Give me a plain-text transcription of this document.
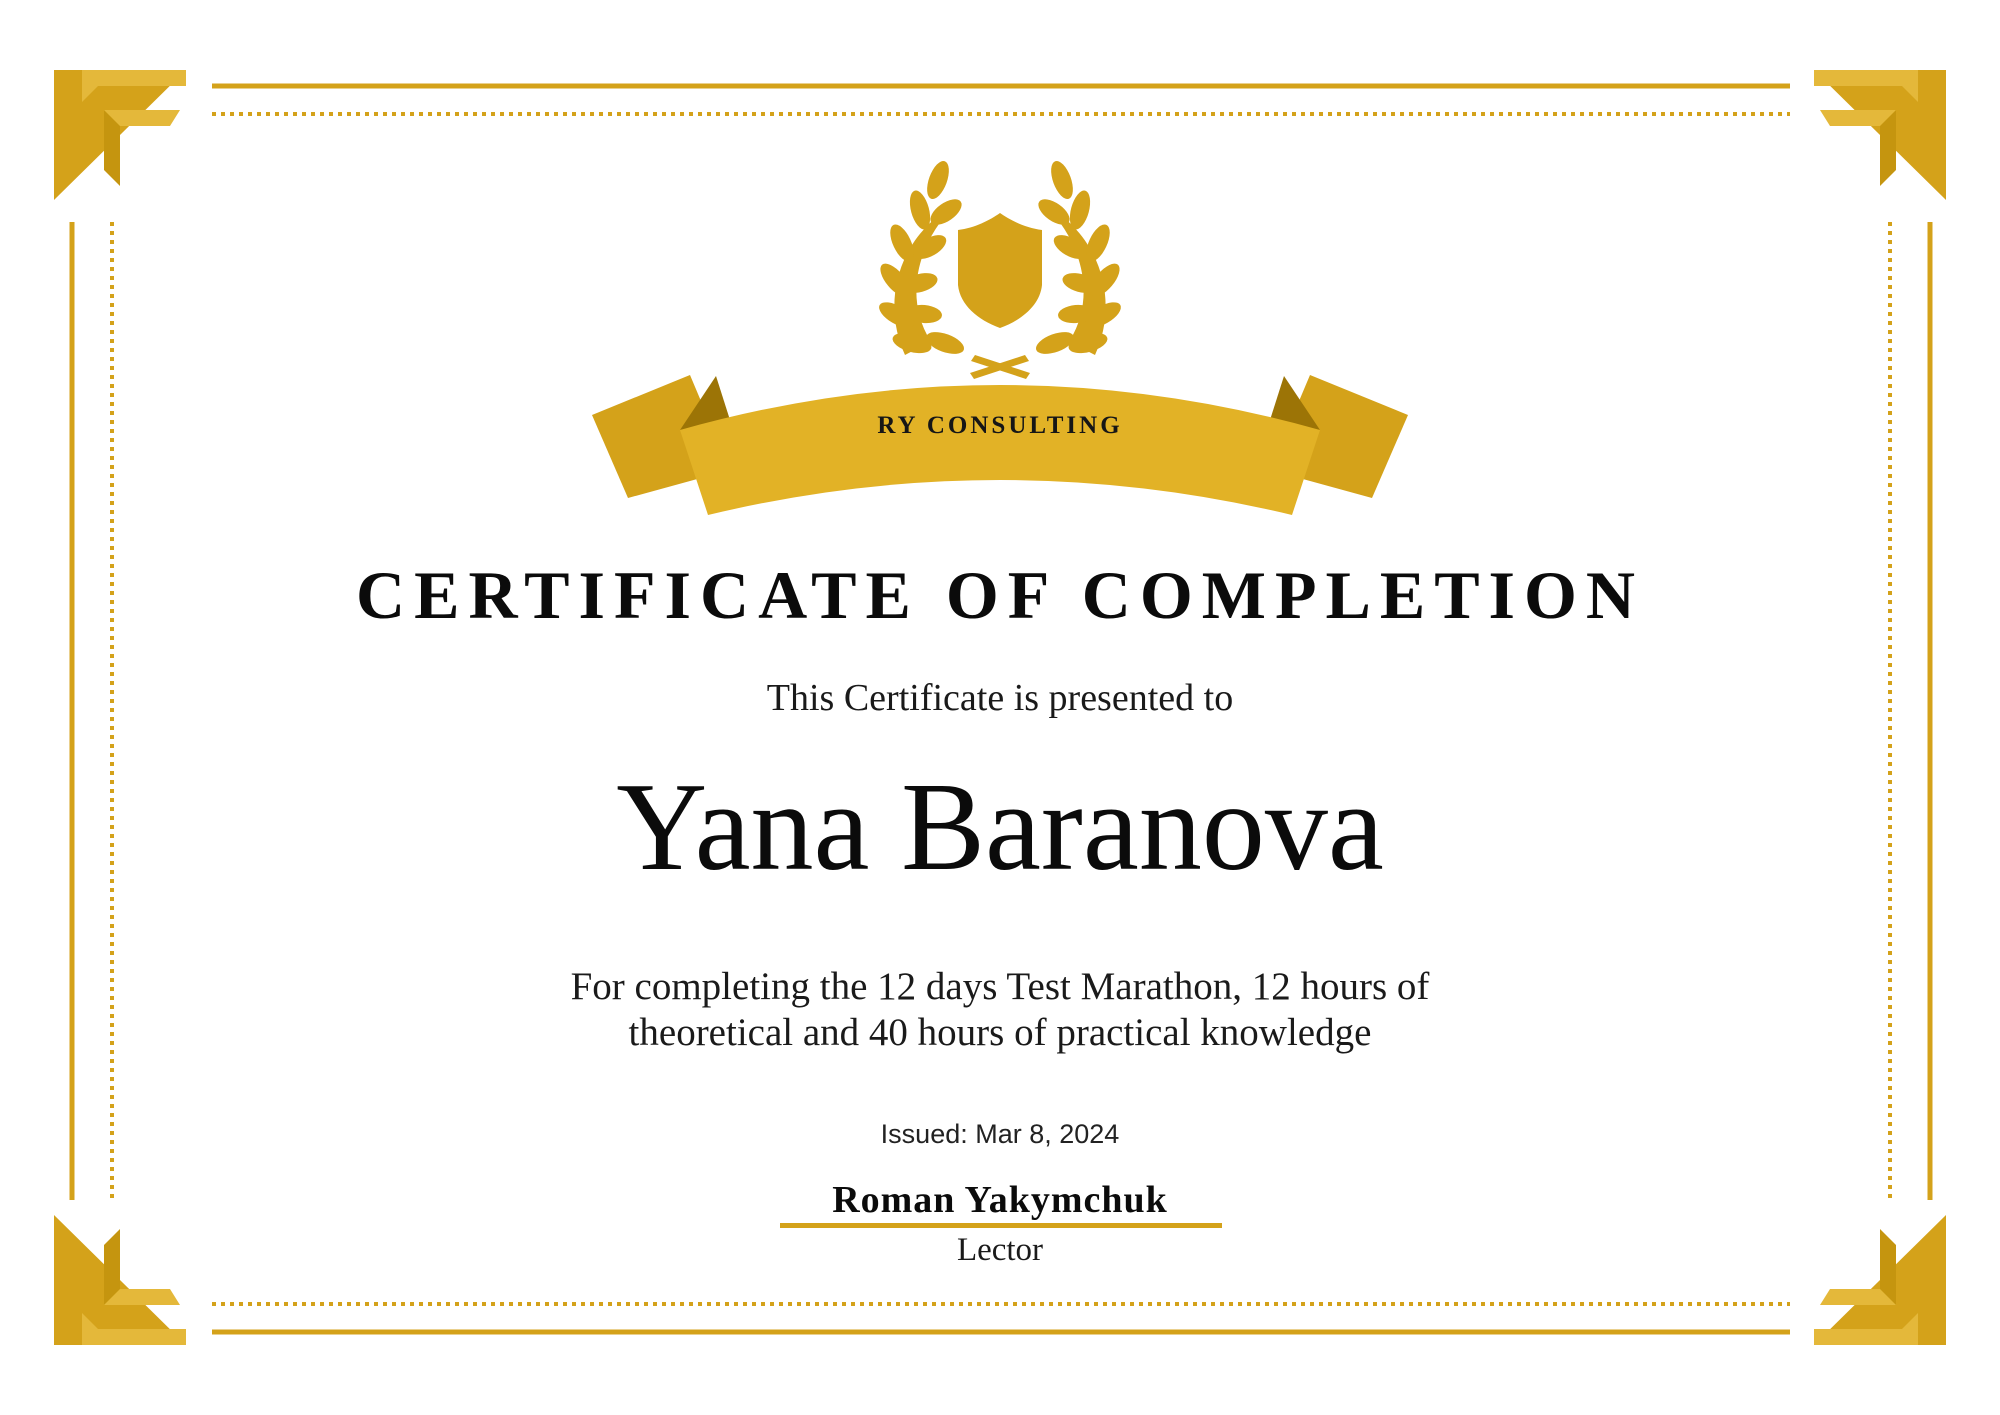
RY CONSULTING
CERTIFICATE OF COMPLETION

This Certificate is presented to

Yana Baranova

For completing the 12 days Test Marathon, 12 hours of
theoretical and 40 hours of practical knowledge

Issued: Mar 8, 2024

Roman Yakymchuk

Lector
